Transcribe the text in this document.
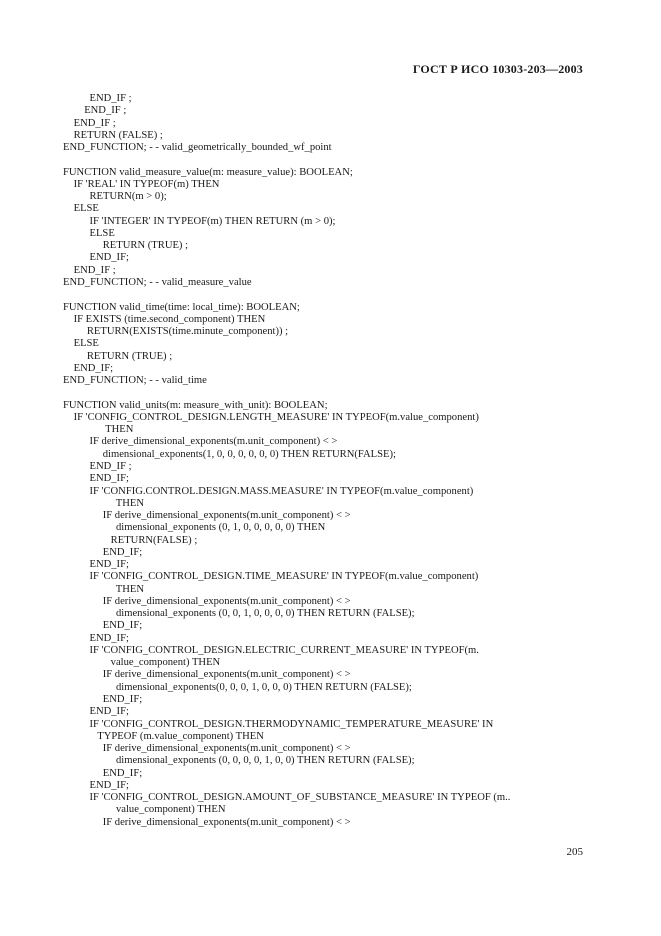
ГОСТ Р ИСО 10303-203—2003
END_IF ;
END_IF ;
END_IF ;
RETURN (FALSE) ;
END_FUNCTION; - - valid_geometrically_bounded_wf_point
FUNCTION valid_measure_value(m: measure_value): BOOLEAN;
IF 'REAL' IN TYPEOF(m) THEN
RETURN(m > 0);
ELSE
IF 'INTEGER' IN TYPEOF(m) THEN RETURN (m > 0);
ELSE
RETURN (TRUE) ;
END_IF;
END_IF ;
END_FUNCTION; - - valid_measure_value
FUNCTION valid_time(time: local_time): BOOLEAN;
IF EXISTS (time.second_component) THEN
RETURN(EXISTS(time.minute_component)) ;
ELSE
RETURN (TRUE) ;
END_IF;
END_FUNCTION; - - valid_time
FUNCTION valid_units(m: measure_with_unit): BOOLEAN;
IF 'CONFIG_CONTROL_DESIGN.LENGTH_MEASURE' IN TYPEOF(m.value_component)
THEN
IF derive_dimensional_exponents(m.unit_component) < >
dimensional_exponents(1, 0, 0, 0, 0, 0, 0) THEN RETURN(FALSE);
END_IF ;
END_IF;
IF 'CONFIG.CONTROL.DESIGN.MASS.MEASURE' IN TYPEOF(m.value_component)
THEN
IF derive_dimensional_exponents(m.unit_component) < >
dimensional_exponents (0, 1, 0, 0, 0, 0, 0) THEN
RETURN(FALSE) ;
END_IF;
END_IF;
IF 'CONFIG_CONTROL_DESIGN.TIME_MEASURE' IN TYPEOF(m.value_component)
THEN
IF derive_dimensional_exponents(m.unit_component) < >
dimensional_exponents (0, 0, 1, 0, 0, 0, 0) THEN RETURN (FALSE);
END_IF;
END_IF;
IF 'CONFIG_CONTROL_DESIGN.ELECTRIC_CURRENT_MEASURE' IN TYPEOF(m.
value_component) THEN
IF derive_dimensional_exponents(m.unit_component) < >
dimensional_exponents(0, 0, 0, 1, 0, 0, 0) THEN RETURN (FALSE);
END_IF;
END_IF;
IF 'CONFIG_CONTROL_DESIGN.THERMODYNAMIC_TEMPERATURE_MEASURE' IN
TYPEOF (m.value_component) THEN
IF derive_dimensional_exponents(m.unit_component) < >
dimensional_exponents (0, 0, 0, 0, 1, 0, 0) THEN RETURN (FALSE);
END_IF;
END_IF;
IF 'CONFIG_CONTROL_DESIGN.AMOUNT_OF_SUBSTANCE_MEASURE' IN TYPEOF (m..
value_component) THEN
IF derive_dimensional_exponents(m.unit_component) < >
205
